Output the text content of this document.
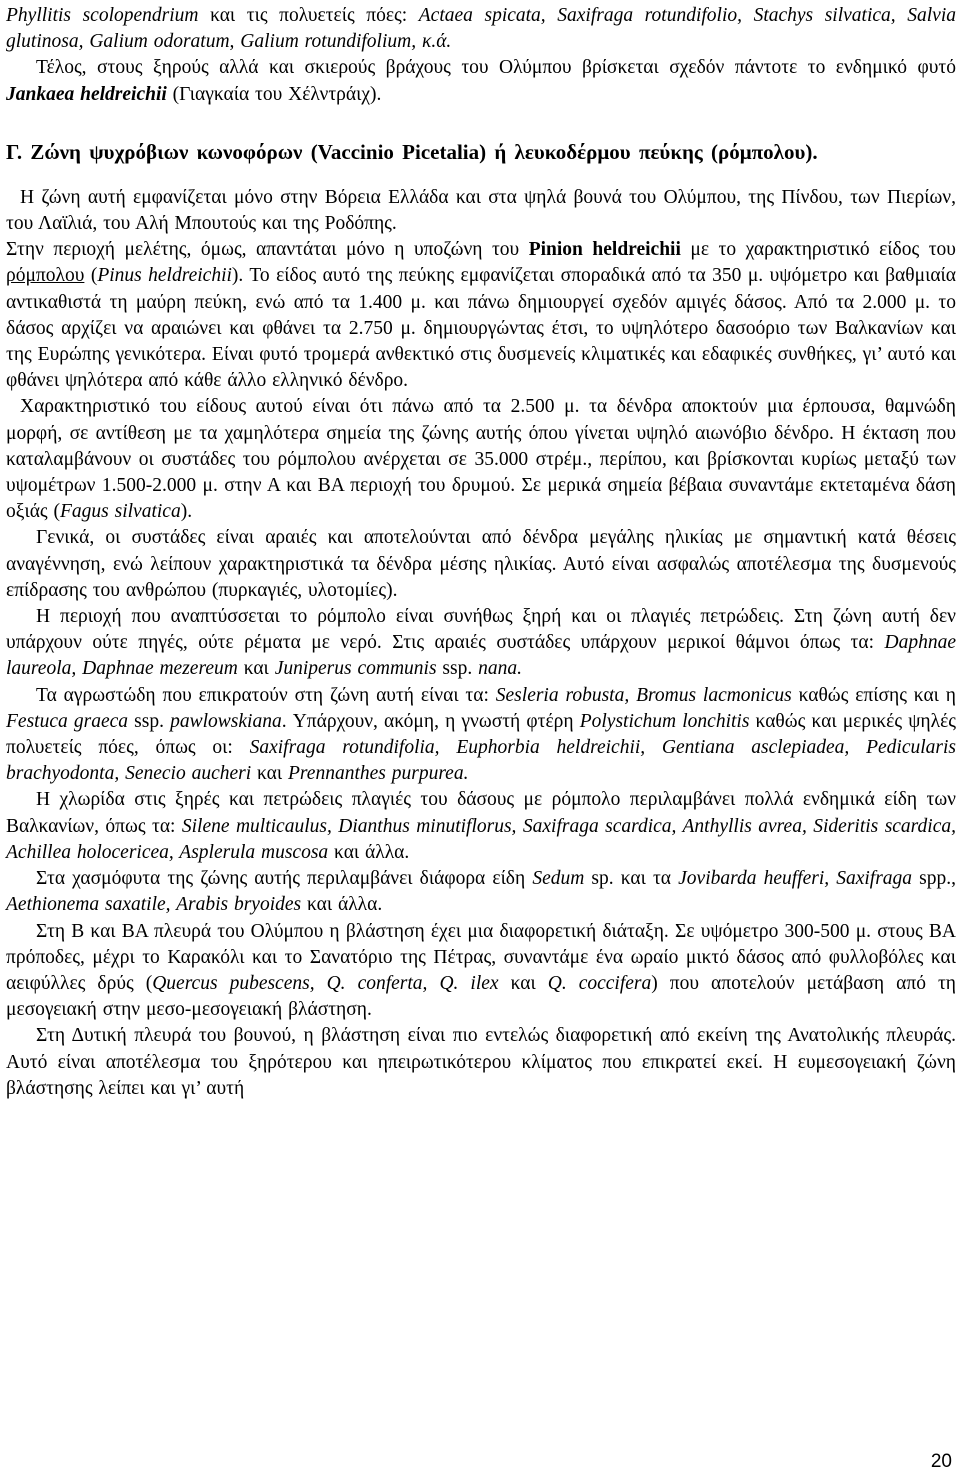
Phyllitis scolopendrium και τις πολυετείς πόες: Actaea spicata, Saxifraga rotundifolio, Stachys silvatica, Salvia glutinosa, Galium odoratum, Galium rotundifolium, κ.ά.

Τέλος, στους ξηρούς αλλά και σκιερούς βράχους του Ολύμπου βρίσκεται σχεδόν πάντοτε το ενδημικό φυτό Jankaea heldreichii (Γιαγκαία του Χέλντράιχ).

Γ. Ζώνη ψυχρόβιων κωνοφόρων (Vaccinio Picetalia) ή λευκοδέρμου πεύκης (ρόμπολου).

Η ζώνη αυτή εμφανίζεται μόνο στην Βόρεια Ελλάδα και στα ψηλά βουνά του Ολύμπου, της Πίνδου, των Πιερίων, του Λαϊλιά, του Αλή Μπουτούς και της Ροδόπης.

Στην περιοχή μελέτης, όμως, απαντάται μόνο η υποζώνη του Pinion heldreichii με το χαρακτηριστικό είδος του ρόμπολου (Pinus heldreichii). Το είδος αυτό της πεύκης εμφανίζεται σποραδικά από τα 350 μ. υψόμετρο και βαθμιαία αντικαθιστά τη μαύρη πεύκη, ενώ από τα 1.400 μ. και πάνω δημιουργεί σχεδόν αμιγές δάσος. Από τα 2.000 μ. το δάσος αρχίζει να αραιώνει και φθάνει τα 2.750 μ. δημιουργώντας έτσι, το υψηλότερο δασοόριο των Βαλκανίων και της Ευρώπης γενικότερα. Είναι φυτό τρομερά ανθεκτικό στις δυσμενείς κλιματικές και εδαφικές συνθήκες, γι’ αυτό και φθάνει ψηλότερα από κάθε άλλο ελληνικό δένδρο.

Χαρακτηριστικό του είδους αυτού είναι ότι πάνω από τα 2.500 μ. τα δένδρα αποκτούν μια έρπουσα, θαμνώδη μορφή, σε αντίθεση με τα χαμηλότερα σημεία της ζώνης αυτής όπου γίνεται υψηλό αιωνόβιο δένδρο. Η έκταση που καταλαμβάνουν οι συστάδες του ρόμπολου ανέρχεται σε 35.000 στρέμ., περίπου, και βρίσκονται κυρίως μεταξύ των υψομέτρων 1.500-2.000 μ. στην Α και ΒΑ περιοχή του δρυμού. Σε μερικά σημεία βέβαια συναντάμε εκτεταμένα δάση οξιάς (Fagus silvatica).

Γενικά, οι συστάδες είναι αραιές και αποτελούνται από δένδρα μεγάλης ηλικίας με σημαντική κατά θέσεις αναγέννηση, ενώ λείπουν χαρακτηριστικά τα δένδρα μέσης ηλικίας. Αυτό είναι ασφαλώς αποτέλεσμα της δυσμενούς επίδρασης του ανθρώπου (πυρκαγιές, υλοτομίες).

Η περιοχή που αναπτύσσεται το ρόμπολο είναι συνήθως ξηρή και οι πλαγιές πετρώδεις. Στη ζώνη αυτή δεν υπάρχουν ούτε πηγές, ούτε ρέματα με νερό. Στις αραιές συστάδες υπάρχουν μερικοί θάμνοι όπως τα: Daphnae laureola, Daphnae mezereum και Juniperus communis ssp. nana.

Τα αγρωστώδη που επικρατούν στη ζώνη αυτή είναι τα: Sesleria robusta, Bromus lacmonicus καθώς επίσης και η Festuca graeca ssp. pawlowskiana. Υπάρχουν, ακόμη, η γνωστή φτέρη Polystichum lonchitis καθώς και μερικές ψηλές πολυετείς πόες, όπως οι: Saxifraga rotundifolia, Euphorbia heldreichii, Gentiana asclepiadea, Pedicularis brachyodonta, Senecio aucheri και Prennanthes purpurea.

Η χλωρίδα στις ξηρές και πετρώδεις πλαγιές του δάσους με ρόμπολο περιλαμβάνει πολλά ενδημικά είδη των Βαλκανίων, όπως τα: Silene multicaulus, Dianthus minutiflorus, Saxifraga scardica, Anthyllis avrea, Sideritis scardica, Achillea holocericea, Asplerula muscosa και άλλα.

Στα χασμόφυτα της ζώνης αυτής περιλαμβάνει διάφορα είδη Sedum sp. και τα Jovibarda heufferi, Saxifraga spp., Aethionema saxatile, Arabis bryoides και άλλα.

Στη Β και ΒΑ πλευρά του Ολύμπου η βλάστηση έχει μια διαφορετική διάταξη. Σε υψόμετρο 300-500 μ. στους ΒΑ πρόποδες, μέχρι το Καρακόλι και το Σανατόριο της Πέτρας, συναντάμε ένα ωραίο μικτό δάσος από φυλλοβόλες και αειφύλλες δρύς (Quercus pubescens, Q. conferta, Q. ilex και Q. coccifera) που αποτελούν μετάβαση από τη μεσογειακή στην μεσο-μεσογειακή βλάστηση.

Στη Δυτική πλευρά του βουνού, η βλάστηση είναι πιο εντελώς διαφορετική από εκείνη της Ανατολικής πλευράς. Αυτό είναι αποτέλεσμα του ξηρότερου και ηπειρωτικότερου κλίματος που επικρατεί εκεί. Η ευμεσογειακή ζώνη βλάστησης λείπει και γι’ αυτή

20
